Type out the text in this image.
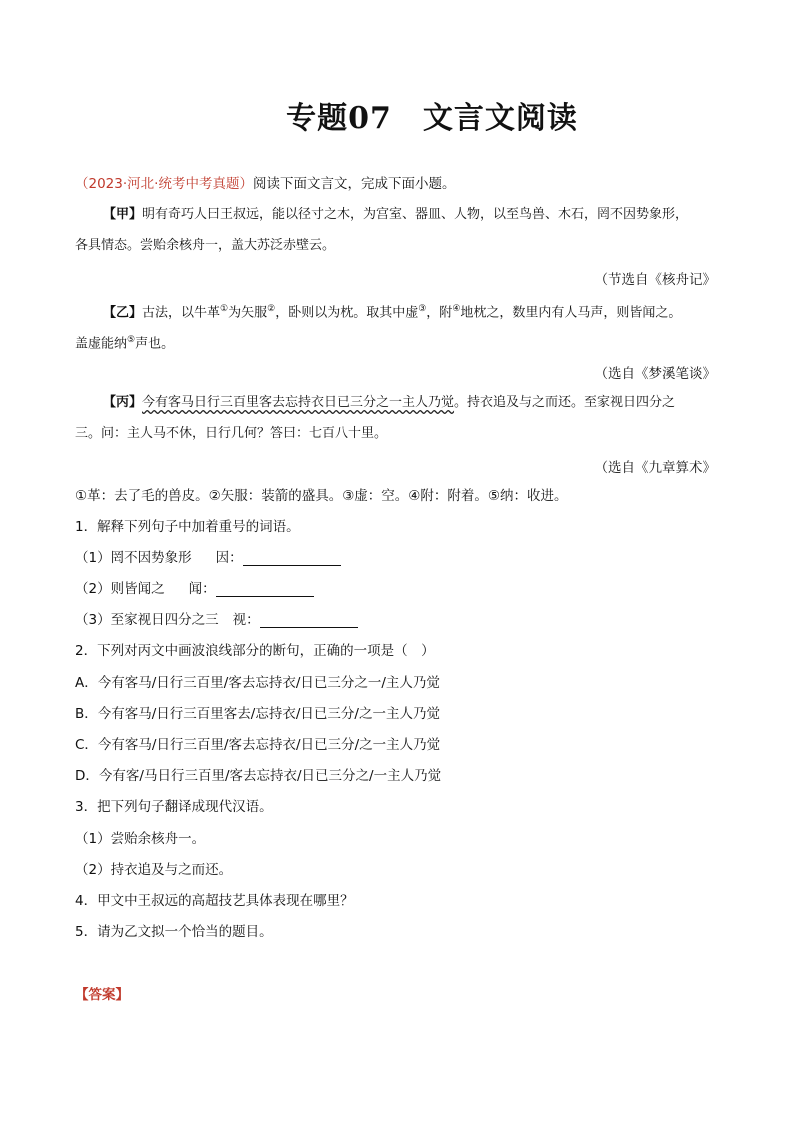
专题07　文言文阅读
（2023·河北·统考中考真题）阅读下面文言文，完成下面小题。
【甲】明有奇巧人曰王叔远，能以径寸之木，为宫室、器皿、人物，以至鸟兽、木石，罔不因势象形，
各具情态。尝贻余核舟一，盖大苏泛赤壁云。
（节选自《核舟记》
【乙】古法，以牛革①为矢服②，卧则以为枕。取其中虚③，附④地枕之，数里内有人马声，则皆闻之。
盖虚能纳⑤声也。
（选自《梦溪笔谈》
【丙】今有客马日行三百里客去忘持衣日已三分之一主人乃觉。持衣追及与之而还。至家视日四分之
三。问：主人马不休，日行几何？答曰：七百八十里。
（选自《九章算术》
①革：去了毛的兽皮。②矢服：装箭的盛具。③虚：空。④附：附着。⑤纳：收进。
1．解释下列句子中加着重号的词语。
（1）罔不因势象形 因：
（2）则皆闻之 闻：
（3）至家视日四分之三 视：
2．下列对丙文中画波浪线部分的断句，正确的一项是（　）
A．今有客马/日行三百里/客去忘持衣/日已三分之一/主人乃觉
B．今有客马/日行三百里客去/忘持衣/日已三分/之一主人乃觉
C．今有客马/日行三百里/客去忘持衣/日已三分/之一主人乃觉
D．今有客/马日行三百里/客去忘持衣/日已三分之/一主人乃觉
3．把下列句子翻译成现代汉语。
（1）尝贻余核舟一。
（2）持衣追及与之而还。
4．甲文中王叔远的高超技艺具体表现在哪里？
5．请为乙文拟一个恰当的题目。
【答案】
